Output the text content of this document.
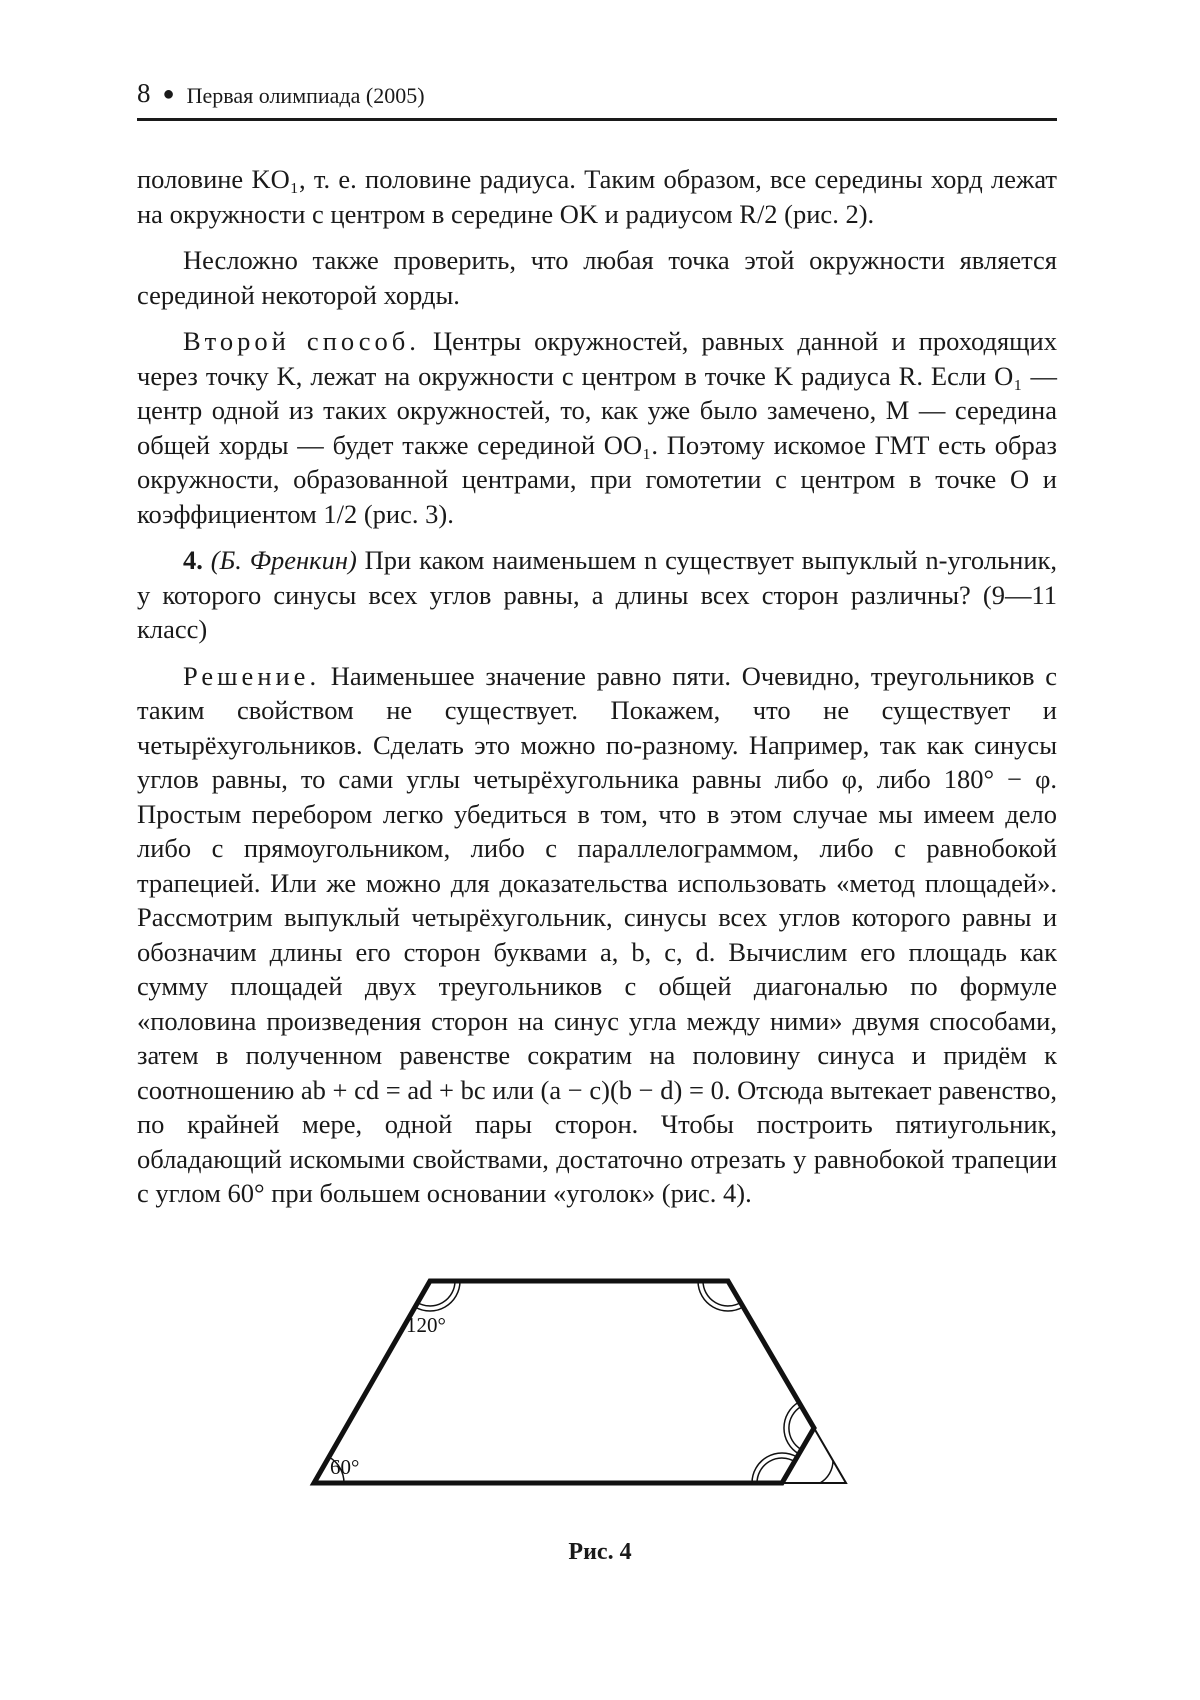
8 ● Первая олимпиада (2005)

половине KO₁, т. е. половине радиуса. Таким образом, все середины хорд лежат на окружности с центром в середине OK и радиусом R/2 (рис. 2).

Несложно также проверить, что любая точка этой окружности является серединой некоторой хорды.

Второй способ. Центры окружностей, равных данной и проходящих через точку K, лежат на окружности с центром в точке K радиуса R. Если O₁ — центр одной из таких окружностей, то, как уже было замечено, M — середина общей хорды — будет также серединой OO₁. Поэтому искомое ГМТ есть образ окружности, образованной центрами, при гомотетии с центром в точке O и коэффициентом 1/2 (рис. 3).

4. (Б. Френкин) При каком наименьшем n существует выпуклый n-угольник, у которого синусы всех углов равны, а длины всех сторон различны? (9—11 класс)

Решение. Наименьшее значение равно пяти. Очевидно, треугольников с таким свойством не существует. Покажем, что не существует и четырёхугольников. Сделать это можно по-разному. Например, так как синусы углов равны, то сами углы четырёхугольника равны либо φ, либо 180° − φ. Простым перебором легко убедиться в том, что в этом случае мы имеем дело либо с прямоугольником, либо с параллелограммом, либо с равнобокой трапецией. Или же можно для доказательства использовать «метод площадей». Рассмотрим выпуклый четырёхугольник, синусы всех углов которого равны и обозначим длины его сторон буквами a, b, c, d. Вычислим его площадь как сумму площадей двух треугольников с общей диагональю по формуле «половина произведения сторон на синус угла между ними» двумя способами, затем в полученном равенстве сократим на половину синуса и придём к соотношению ab + cd = ad + bc или (a − c)(b − d) = 0. Отсюда вытекает равенство, по крайней мере, одной пары сторон. Чтобы построить пятиугольник, обладающий искомыми свойствами, достаточно отрезать у равнобокой трапеции с углом 60° при большем основании «уголок» (рис. 4).

120°
60°
Рис. 4
